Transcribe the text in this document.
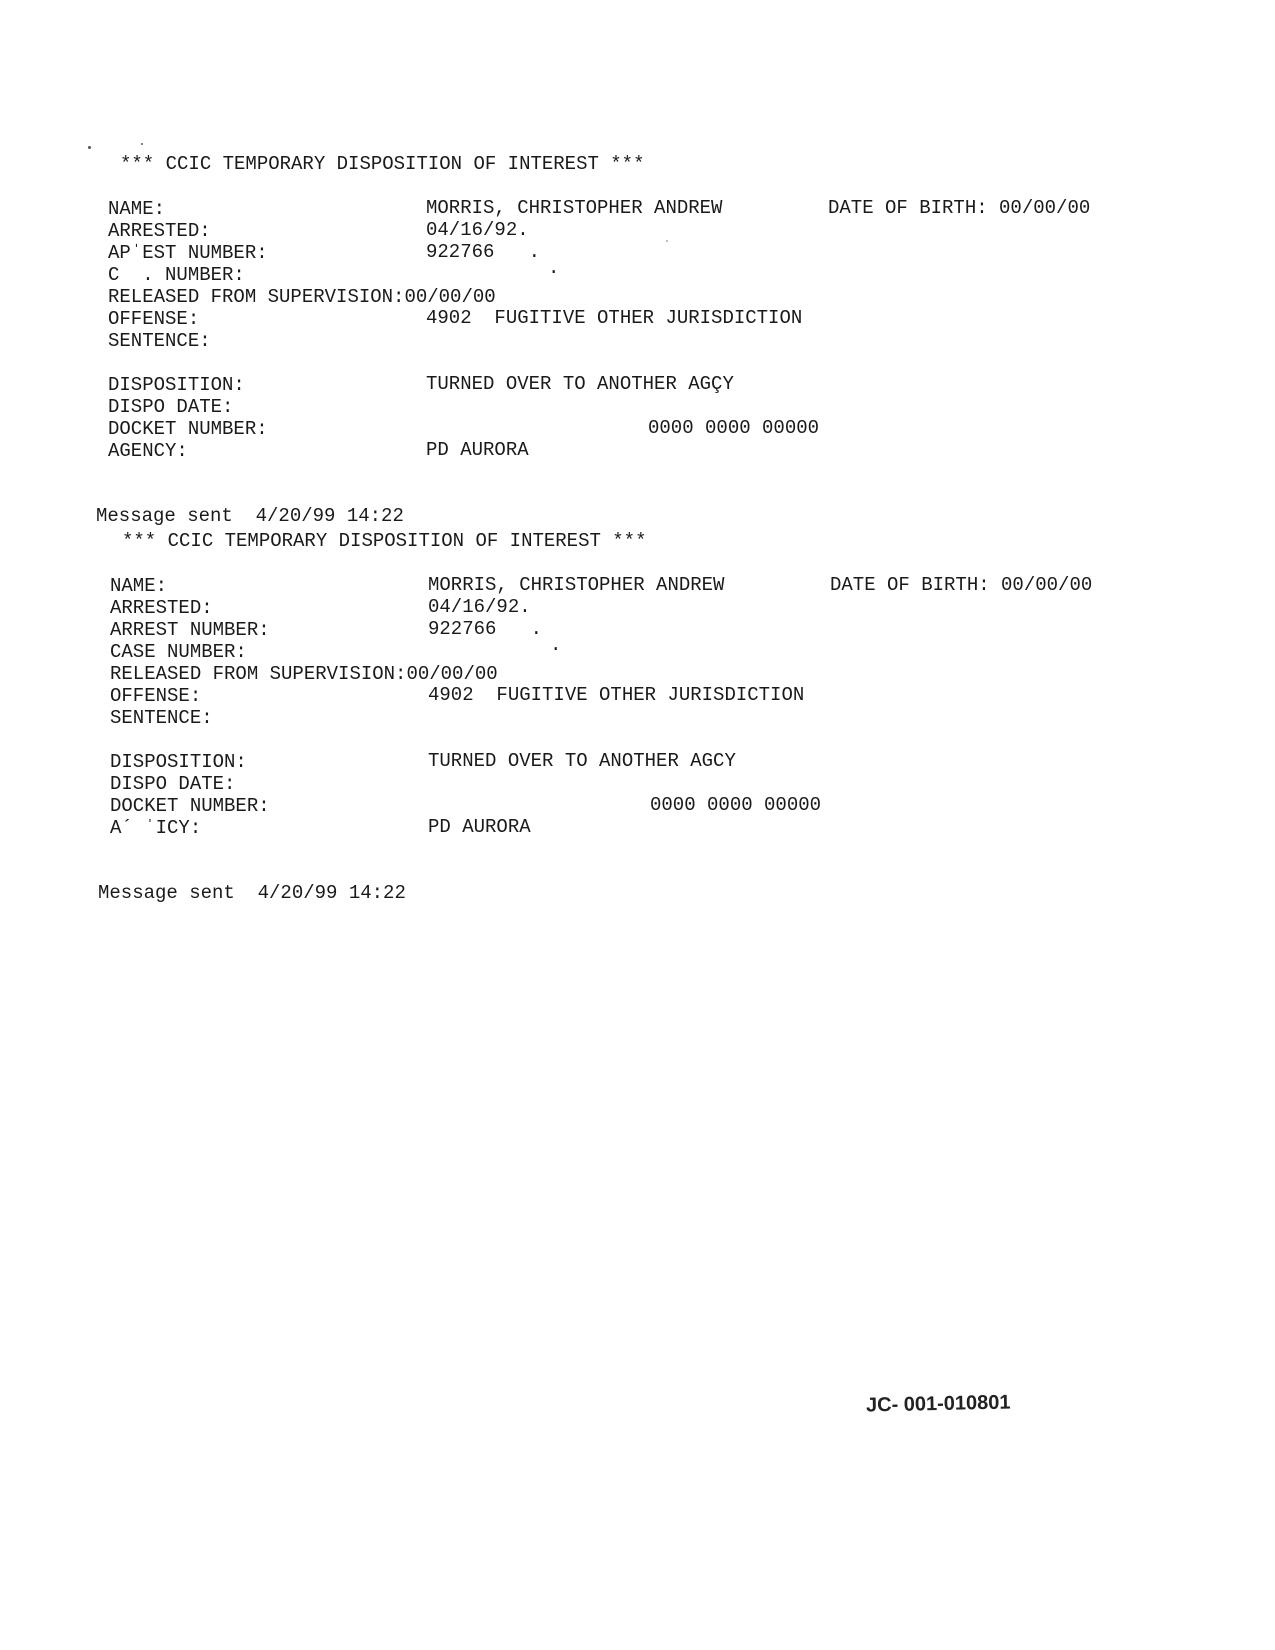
*** CCIC TEMPORARY DISPOSITION OF INTEREST ***
NAME:	MORRIS, CHRISTOPHER ANDREW	DATE OF BIRTH: 00/00/00
ARRESTED:	04/16/92.
APˈEST NUMBER:	922766   .
C  . NUMBER:	.
RELEASED FROM SUPERVISION:00/00/00
OFFENSE:	4902  FUGITIVE OTHER JURISDICTION
SENTENCE:
DISPOSITION:	TURNED OVER TO ANOTHER AGÇY
DISPO DATE:
DOCKET NUMBER:	0000 0000 00000
AGENCY:	PD AURORA
Message sent  4/20/99 14:22
*** CCIC TEMPORARY DISPOSITION OF INTEREST ***
NAME:	MORRIS, CHRISTOPHER ANDREW	DATE OF BIRTH: 00/00/00
ARRESTED:	04/16/92.
ARREST NUMBER:	922766   .
CASE NUMBER:	.
RELEASED FROM SUPERVISION:00/00/00
OFFENSE:	4902  FUGITIVE OTHER JURISDICTION
SENTENCE:
DISPOSITION:	TURNED OVER TO ANOTHER AGCY
DISPO DATE:
DOCKET NUMBER:	0000 0000 00000
A´ ˈICY:	PD AURORA
Message sent  4/20/99 14:22
JC- 001-010801
